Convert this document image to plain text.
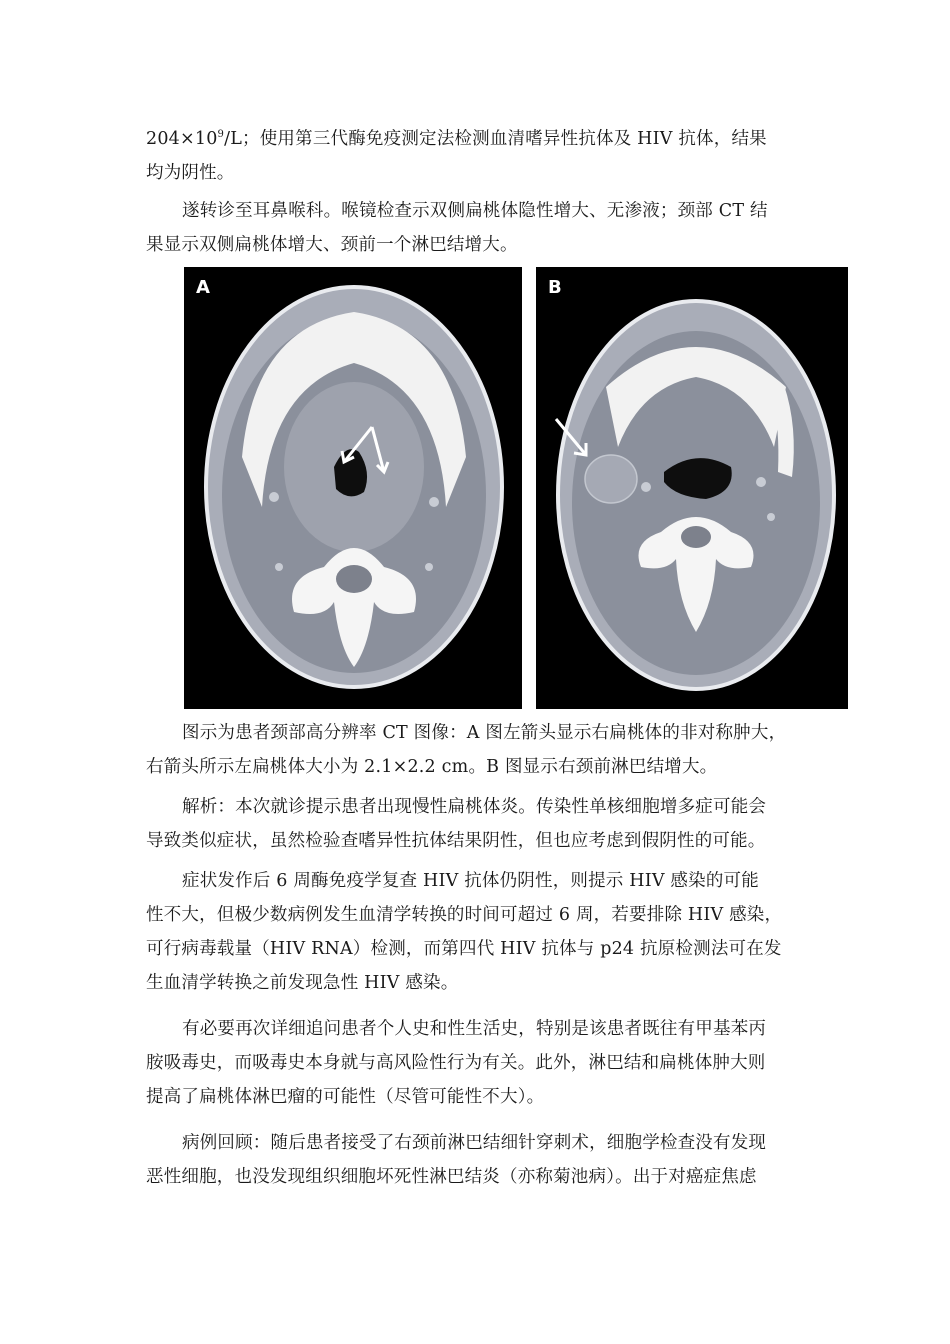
$204\times 10^9/L$；使用第三代酶免疫测定法检测血清嗜异性抗体及 HIV 抗体，结果
均为阴性。

遂转诊至耳鼻喉科。喉镜检查示双侧扁桃体隐性增大、无渗液；颈部 CT 结
果显示双侧扁桃体增大、颈前一个淋巴结增大。

A	B

图示为患者颈部高分辨率 CT 图像：A 图左箭头显示右扁桃体的非对称肿大，
右箭头所示左扁桃体大小为 2.1×2.2 cm。B 图显示右颈前淋巴结增大。

解析：本次就诊提示患者出现慢性扁桃体炎。传染性单核细胞增多症可能会
导致类似症状，虽然检验查嗜异性抗体结果阴性，但也应考虑到假阴性的可能。

症状发作后 6 周酶免疫学复查 HIV 抗体仍阴性，则提示 HIV 感染的可能
性不大，但极少数病例发生血清学转换的时间可超过 6 周，若要排除 HIV 感染，
可行病毒载量（HIV RNA）检测，而第四代 HIV 抗体与 p24 抗原检测法可在发
生血清学转换之前发现急性 HIV 感染。

有必要再次详细追问患者个人史和性生活史，特别是该患者既往有甲基苯丙
胺吸毒史，而吸毒史本身就与高风险性行为有关。此外，淋巴结和扁桃体肿大则
提高了扁桃体淋巴瘤的可能性（尽管可能性不大）。

病例回顾：随后患者接受了右颈前淋巴结细针穿刺术，细胞学检查没有发现
恶性细胞，也没发现组织细胞坏死性淋巴结炎（亦称菊池病）。出于对癌症焦虑
